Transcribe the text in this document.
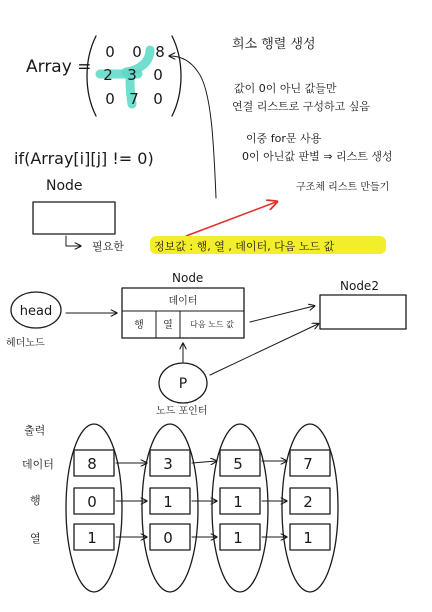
Array =
0 0 8
2 3 0
0 7 0
희소 행렬 생성
값이 0이 아닌 값들만
연결 리스트로 구성하고 싶음
이중 for문 사용
0이 아닌값 판별 ⇒ 리스트 생성
if(Array[i][j] != 0)
Node	구조체 리스트 만들기
필요한	정보값 : 행, 열 , 데이터, 다음 노드 값
Node
데이터
행 열 다음 노드 값
head
헤더노드
Node2
P
노드 포인터
출력
데이터
행
열
8
0
1
3
1
0
5
1
1
7
2
1
